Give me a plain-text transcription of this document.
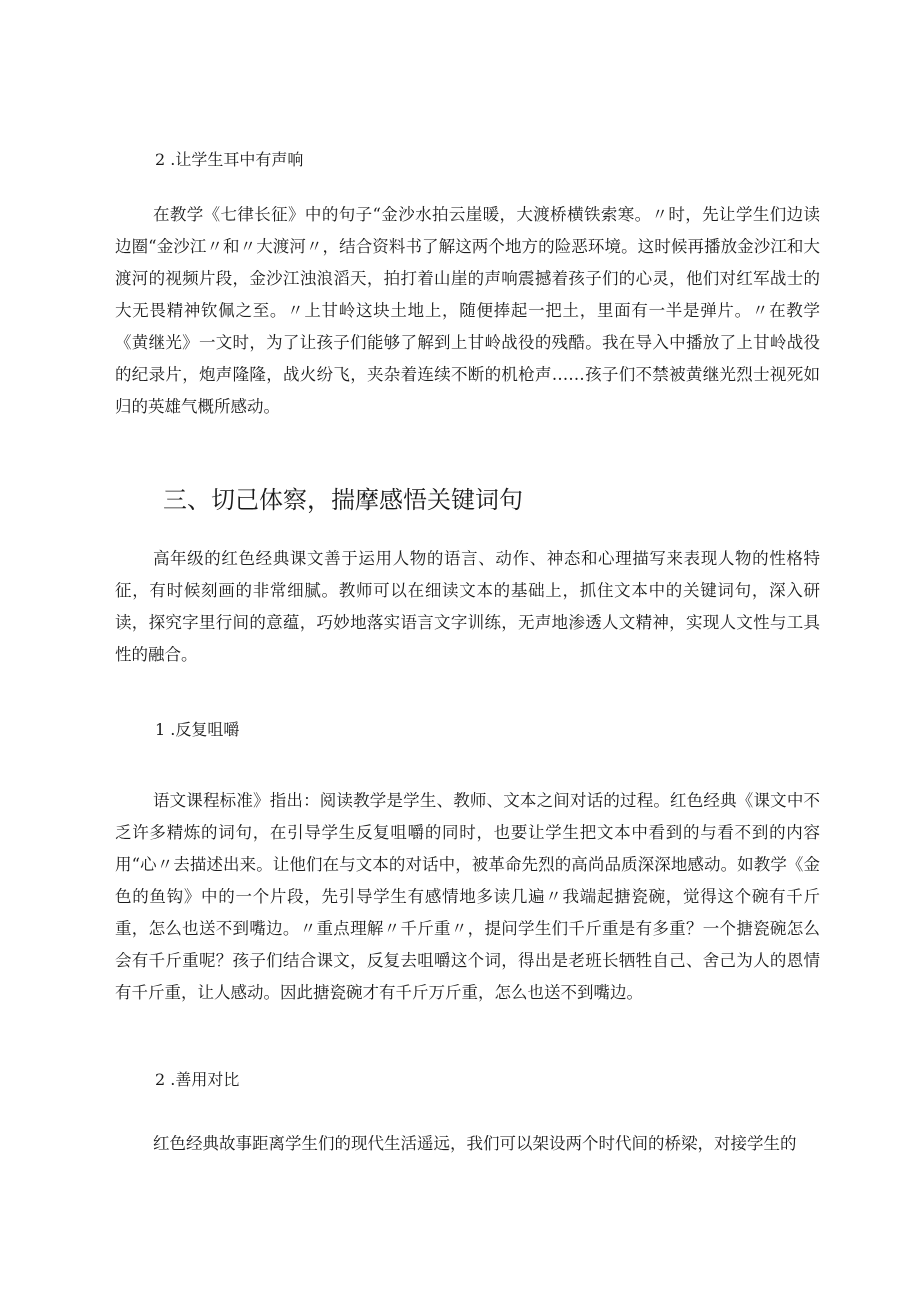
2 .让学生耳中有声响

在教学《七律长征》中的句子“金沙水拍云崖暖，大渡桥横铁索寒。〃时，先让学生们边读边圈“金沙江〃和〃大渡河〃，结合资料书了解这两个地方的险恶环境。这时候再播放金沙江和大渡河的视频片段，金沙江浊浪滔天，拍打着山崖的声响震撼着孩子们的心灵，他们对红军战士的大无畏精神钦佩之至。〃上甘岭这块土地上，随便捧起一把土，里面有一半是弹片。〃在教学《黄继光》一文时，为了让孩子们能够了解到上甘岭战役的残酷。我在导入中播放了上甘岭战役的纪录片，炮声隆隆，战火纷飞，夹杂着连续不断的机枪声……孩子们不禁被黄继光烈士视死如归的英雄气概所感动。

三、切己体察，揣摩感悟关键词句

高年级的红色经典课文善于运用人物的语言、动作、神态和心理描写来表现人物的性格特征，有时候刻画的非常细腻。教师可以在细读文本的基础上，抓住文本中的关键词句，深入研读，探究字里行间的意蕴，巧妙地落实语言文字训练，无声地渗透人文精神，实现人文性与工具性的融合。

1 .反复咀嚼

语文课程标准》指出：阅读教学是学生、教师、文本之间对话的过程。红色经典《课文中不乏许多精炼的词句，在引导学生反复咀嚼的同时，也要让学生把文本中看到的与看不到的内容用“心〃去描述出来。让他们在与文本的对话中，被革命先烈的高尚品质深深地感动。如教学《金色的鱼钩》中的一个片段，先引导学生有感情地多读几遍〃我端起搪瓷碗，觉得这个碗有千斤重，怎么也送不到嘴边。〃重点理解〃千斤重〃，提问学生们千斤重是有多重？一个搪瓷碗怎么会有千斤重呢？孩子们结合课文，反复去咀嚼这个词，得出是老班长牺牲自己、舍己为人的恩情有千斤重，让人感动。因此搪瓷碗才有千斤万斤重，怎么也送不到嘴边。

2 .善用对比

红色经典故事距离学生们的现代生活遥远，我们可以架设两个时代间的桥梁，对接学生的
